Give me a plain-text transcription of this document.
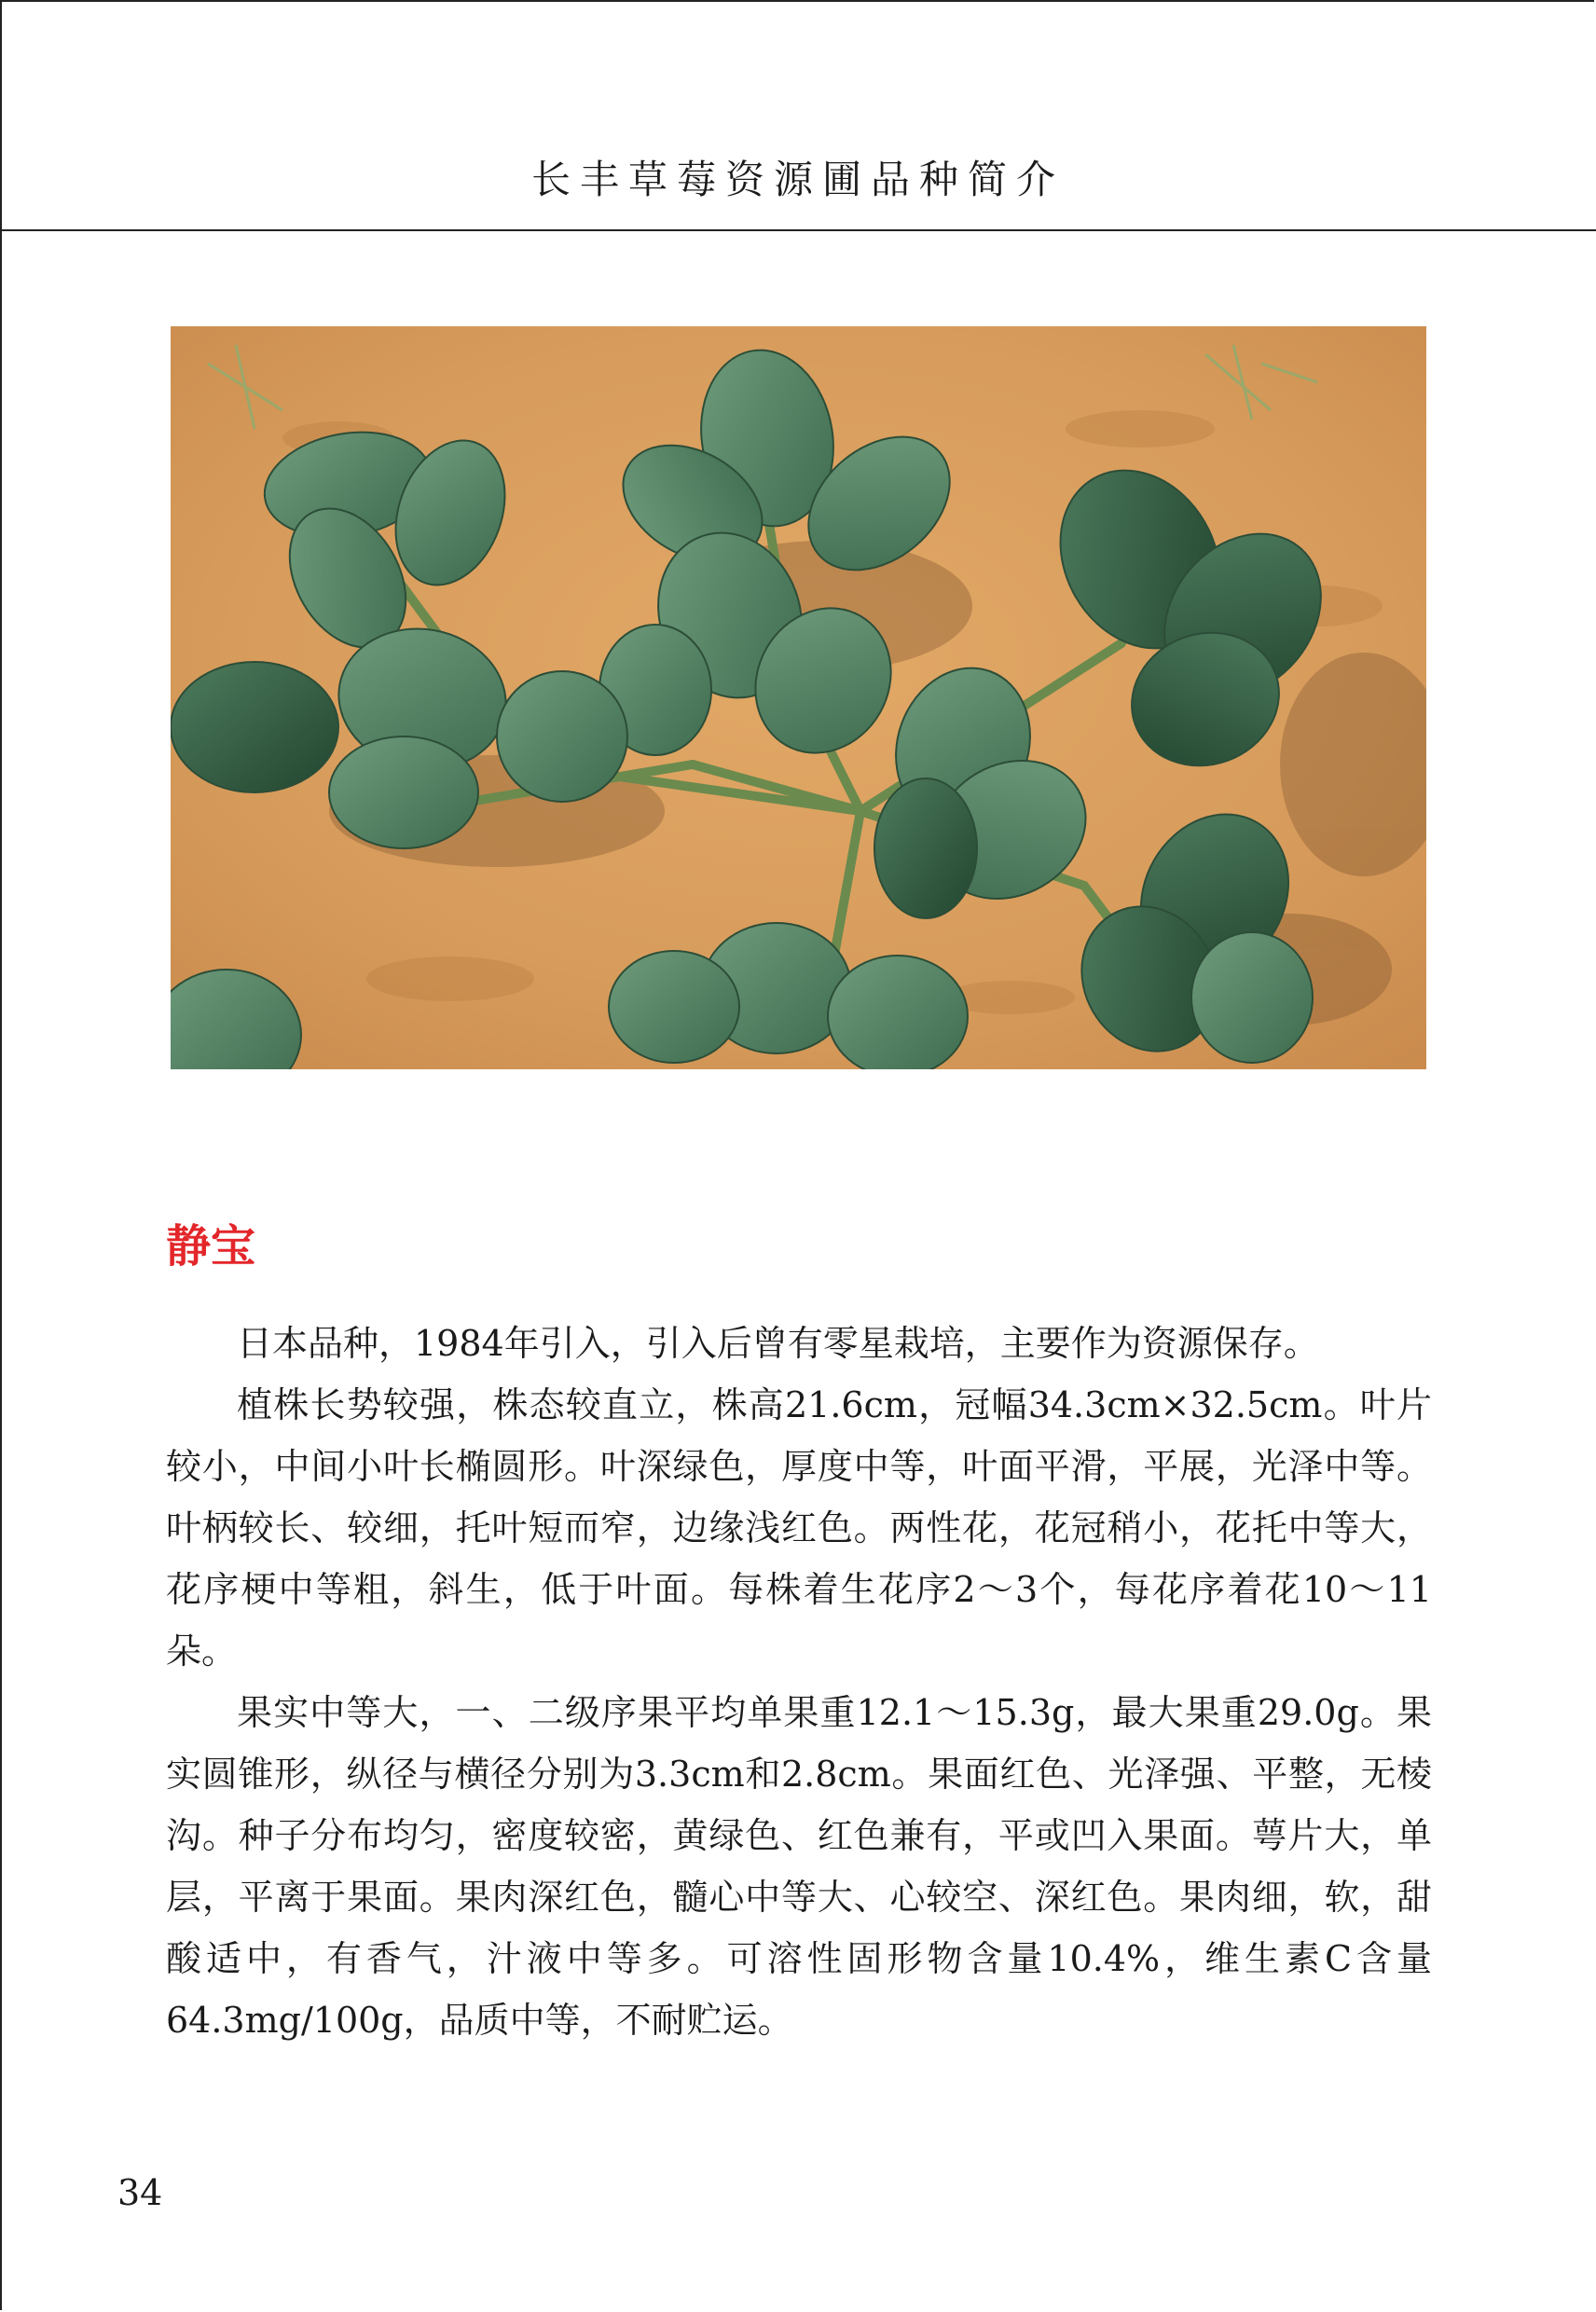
长丰草莓资源圃品种简介
静宝

日本品种，1984年引入，引入后曾有零星栽培，主要作为资源保存。

植株长势较强，株态较直立，株高21.6cm，冠幅34.3cm×32.5cm。叶片较小，中间小叶长椭圆形。叶深绿色，厚度中等，叶面平滑，平展，光泽中等。叶柄较长、较细，托叶短而窄，边缘浅红色。两性花，花冠稍小，花托中等大，花序梗中等粗，斜生，低于叶面。每株着生花序2～3个，每花序着花10～11朵。

果实中等大，一、二级序果平均单果重12.1～15.3g，最大果重29.0g。果实圆锥形，纵径与横径分别为3.3cm和2.8cm。果面红色、光泽强、平整，无棱沟。种子分布均匀，密度较密，黄绿色、红色兼有，平或凹入果面。萼片大，单层，平离于果面。果肉深红色，髓心中等大、心较空、深红色。果肉细，软，甜酸适中，有香气，汁液中等多。可溶性固形物含量10.4%，维生素C含量64.3mg/100g，品质中等，不耐贮运。

34
